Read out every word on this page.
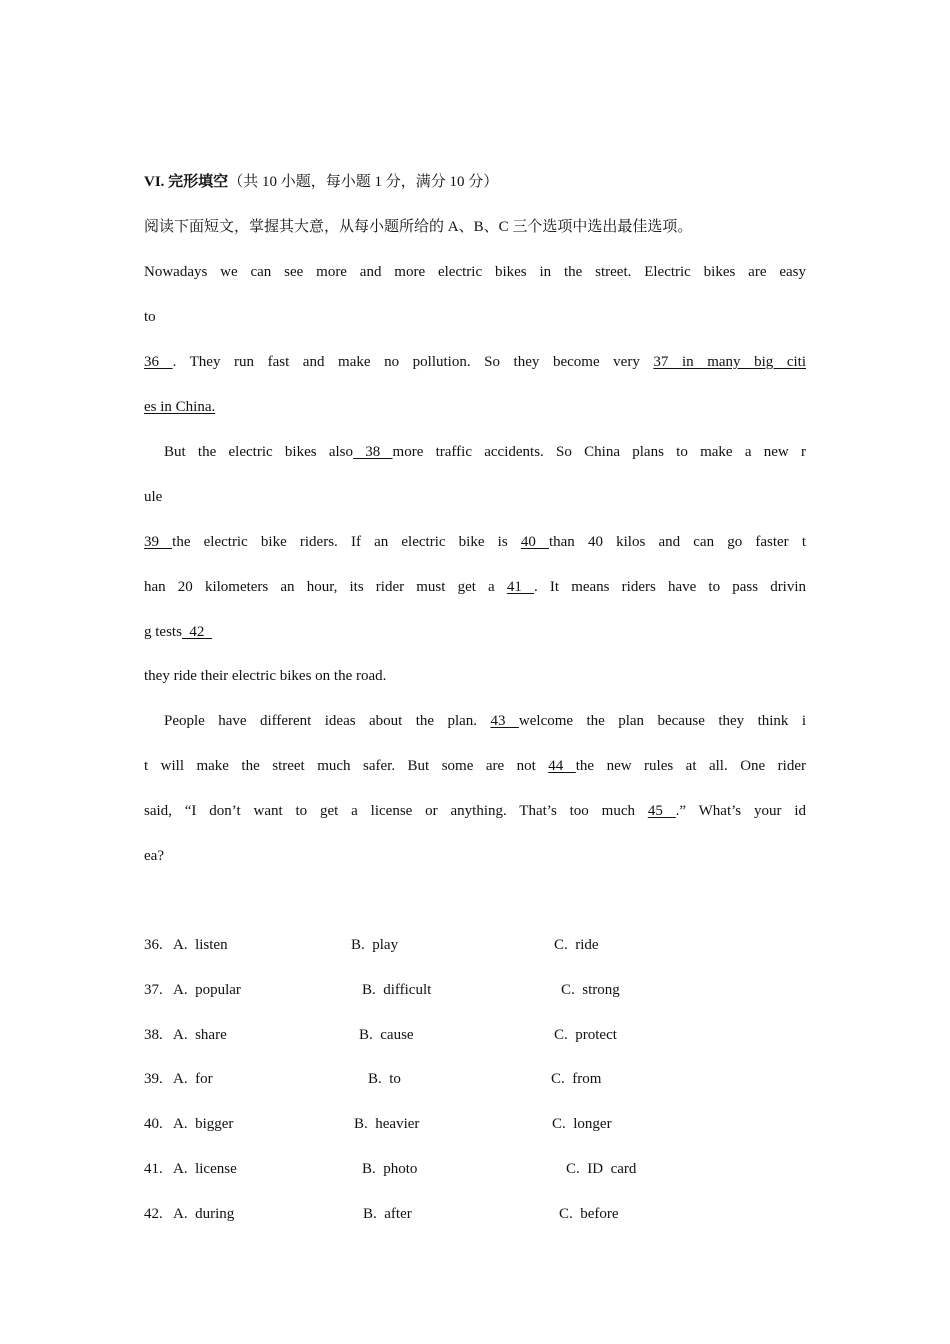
VI. 完形填空（共 10 小题，每小题 1 分，满分 10 分）
阅读下面短文，掌握其大意，从每小题所给的 A、B、C 三个选项中选出最佳选项。
Nowadays we can see more and more electric bikes in the street. Electric bikes are easy
to
36 . They run fast and make no pollution. So they become very 37 in many big citi
es in China.
But the electric bikes also 38 more traffic accidents. So China plans to make a new r
ule
39 the electric bike riders. If an electric bike is 40 than 40 kilos and can go faster t
han 20 kilometers an hour, its rider must get a 41 . It means riders have to pass drivin
g tests  42
they ride their electric bikes on the road.
People have different ideas about the plan. 43 welcome the plan because they think i
t will make the street much safer. But some are not 44 the new rules at all. One rider
said, “I don’t want to get a license or anything. That’s too much 45 .” What’s your id
ea?
36. A.  listen	B.  play	C.  ride
37. A.  popular	B.  difficult	C.  strong
38. A.  share	B.  cause	C.  protect
39. A.  for	B.  to	C.  from
40. A.  bigger	B.  heavier	C.  longer
41. A.  license	B.  photo	C.  ID  card
42. A.  during	B.  after	C.  before
